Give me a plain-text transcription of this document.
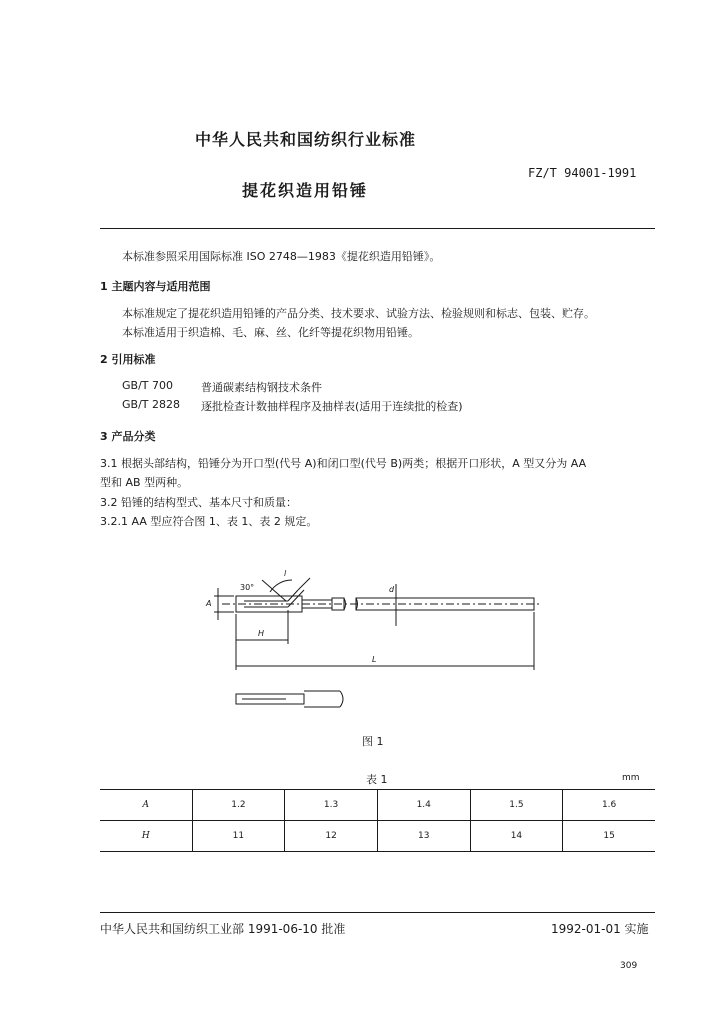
中华人民共和国纺织行业标准
FZ/T 94001-1991
提花织造用铅锤
本标准参照采用国际标准 ISO 2748—1983《提花织造用铅锤》。
1 主题内容与适用范围
本标准规定了提花织造用铅锤的产品分类、技术要求、试验方法、检验规则和标志、包装、贮存。
本标准适用于织造棉、毛、麻、丝、化纤等提花织物用铅锤。
2 引用标准
GB/T 700	普通碳素结构钢技术条件
GB/T 2828 逐批检查计数抽样程序及抽样表(适用于连续批的检查)
3 产品分类
3.1 根据头部结构，铅锤分为开口型(代号 A)和闭口型(代号 B)两类；根据开口形状，A 型又分为 AA
型和 AB 型两种。
3.2 铅锤的结构型式、基本尺寸和质量：
3.2.1 AA 型应符合图 1、表 1、表 2 规定。
30°
l
A
d
H
L
图 1
表 1	mm
A	1.2	1.3	1.4	1.5	1.6
H	11	12	13	14	15
中华人民共和国纺织工业部 1991-06-10 批准	1992-01-01 实施
309
